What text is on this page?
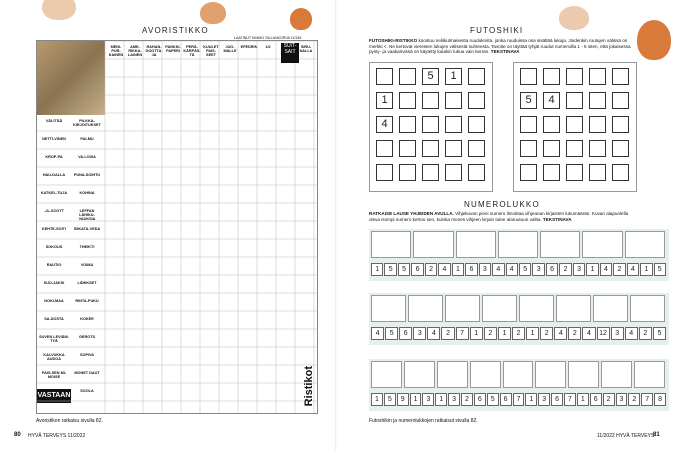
AVORISTIKKO
LAATINUT KIMMO SILLANKORVA 11/345
MENI-PUR-KAINEN
AME-RIKKA-LAINEN
RAHAN-GOOTTA-JA
PANKKI-PAPERI
PERÄ-KÄRPÄS-TÄ
KUULET PAIS-SEET
JUO-MALLE
EFEDRIN	1/2	SIRU-NALLA
VÄLITÄÄ
NETTI-VINEN
KROP-PA
HAU-DALLA
KATKEL-TUJA
-JL-SCOTT
KEHTE-SOITI
SOKOUS
RAUTIO
SUO-JAKSI
NOKI-MAA
SA-DOSTA
SUVEN LEVIÄM-TYÄ
KAI-VUKKA AUDOA
PAIS-SEN MI-MOISE
VASTAAN
PILKKA-KIRJOITUKSET
PALMU
VA-LOISA
PUNA-SOIHTU
KOHINA
LEFFAN LÄHIKU-VAUKSIA
SIIKATA-VEDA
THEIKTI
VOIMA
LÄHIKSET
RINTA-PUKU
KOKEE
GEROTS
SOPIVA
MONET DAUT
SOOLA
SUIT-SAIT
Ristikot
Avoristikon ratkaisu sivulla 82.
80 HYVÄ TERVEYS 11/2022
FUTOSHIKI
FUTOSHIKI-RISTIKKO koostuu neliikulmaisesta ruudukosta, jonka ruuduissa osa sisältää lukuja. Joidenkin ruutujen välissä on merkki <. Ne kertovat vieresten lukujen välisestä suhteesta. Tavoite on täyttää tyhjät ruudut numeroilla 1 - 5 siten, että jokaisessa pysty- ja vaakarivissä on käytetty kutakin lukua vain kerran. TEKSTINAVA
5	1
1
4
5	4
NUMEROLUKKO
RATKAISE LAUSE YHJEIDEN AVULLA. Vihjekuvan pieni numero ilmoittaa vihjeanan kirjaisten lukumäärän. Kuvan alapuolella oleva isompi numero kertoo sen, kuinka mones vihjeen kirjain tulee alaruutuun valita. TEKSTINAVA
1	5	5	6	2	4	1	6	3	4	4	5	3	6	2	3	1	4	2	4	1	5
4	5	6	3	4	2	7	1	2	1	2	1	2	4	2	4	12	3	4	2	5
1	5	9	1	3	1	3	2	6	5	6	7	1	3	6	7	1	6	2	3	2	7	8
Futoshikin ja numerolukkojen ratkaisut sivulla 82.
11/2022 HYVÄ TERVEYS
81
